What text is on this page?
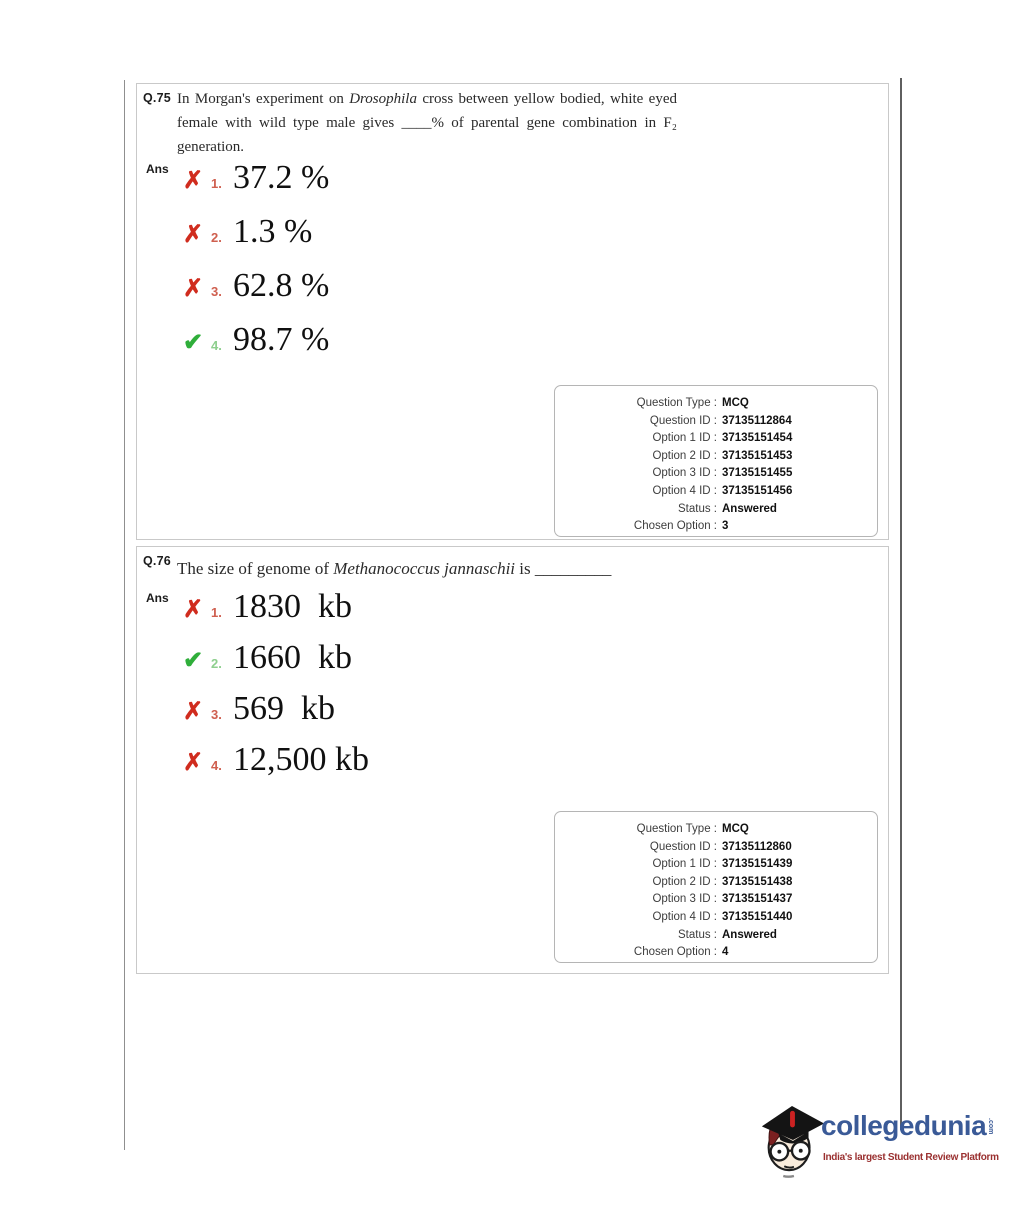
Q.75 In Morgan's experiment on Drosophila cross between yellow bodied, white eyed female with wild type male gives ____% of parental gene combination in F₂ generation.

Ans ✗ 1. 37.2 %
✗ 2. 1.3 %
✗ 3. 62.8 %
✔ 4. 98.7 %
Question Type : MCQ
Question ID : 37135112864
Option 1 ID : 37135151454
Option 2 ID : 37135151453
Option 3 ID : 37135151455
Option 4 ID : 37135151456
Status : Answered
Chosen Option : 3
Q.76 The size of genome of Methanococcus jannaschii is _________

Ans ✗ 1. 1830  kb
✔ 2. 1660  kb
✗ 3. 569  kb
✗ 4. 12,500 kb
Question Type : MCQ
Question ID : 37135112860
Option 1 ID : 37135151439
Option 2 ID : 37135151438
Option 3 ID : 37135151437
Option 4 ID : 37135151440
Status : Answered
Chosen Option : 4
collegedunia .com
India's largest Student Review Platform
